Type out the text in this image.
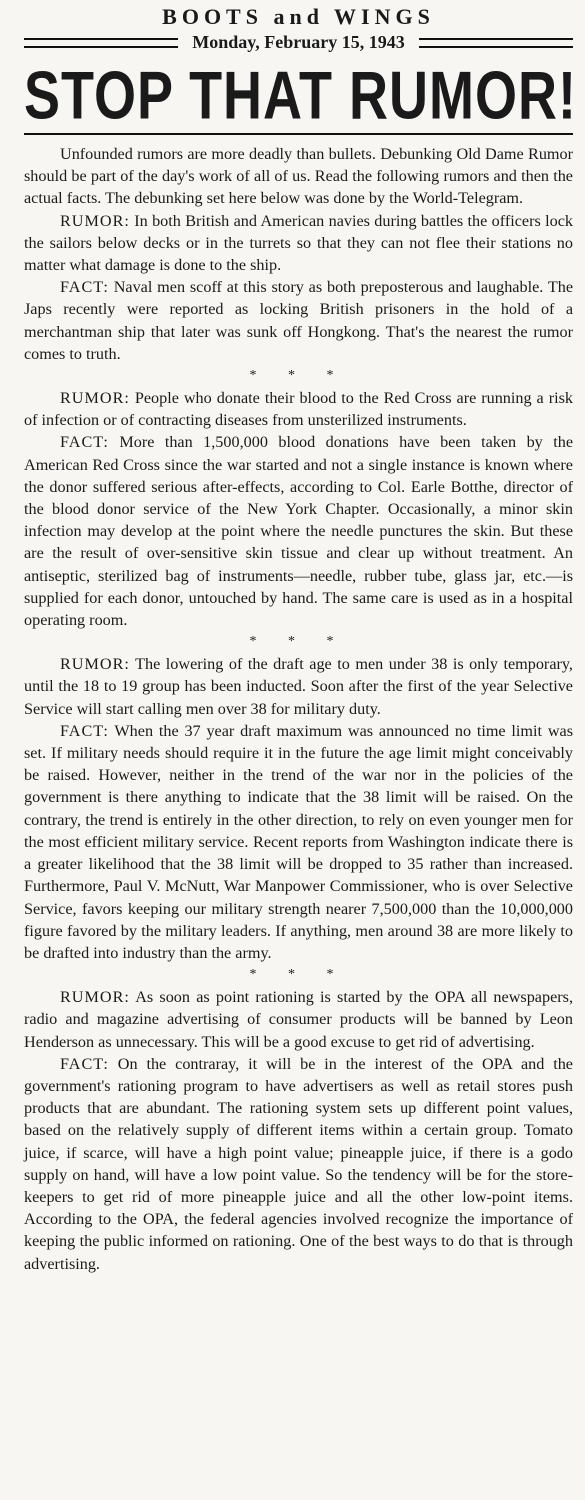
BOOTS and WINGS
Monday, February 15, 1943
STOP THAT RUMOR!

Unfounded rumors are more deadly than bullets. Debunking Old Dame Rumor should be part of the day's work of all of us. Read the following rumors and then the actual facts. The debunking set here below was done by the World-Telegram.

RUMOR: In both British and American navies during battles the officers lock the sailors below decks or in the turrets so that they can not flee their stations no matter what damage is done to the ship.

FACT: Naval men scoff at this story as both preposterous and laughable. The Japs recently were reported as locking British prisoners in the hold of a merchantman ship that later was sunk off Hongkong. That's the nearest the rumor comes to truth.

* * *

RUMOR: People who donate their blood to the Red Cross are running a risk of infection or of contracting diseases from unsterilized instruments.

FACT: More than 1,500,000 blood donations have been taken by the American Red Cross since the war started and not a single instance is known where the donor suffered serious after-effects, according to Col. Earle Botthe, director of the blood donor service of the New York Chapter. Occasionally, a minor skin infection may develop at the point where the needle punctures the skin. But these are the result of over-sensitive skin tissue and clear up without treatment. An antiseptic, sterilized bag of instruments—needle, rubber tube, glass jar, etc.—is supplied for each donor, untouched by hand. The same care is used as in a hospital operating room.

* * *

RUMOR: The lowering of the draft age to men under 38 is only temporary, until the 18 to 19 group has been inducted. Soon after the first of the year Selective Service will start calling men over 38 for military duty.

FACT: When the 37 year draft maximum was announced no time limit was set. If military needs should require it in the future the age limit might conceivably be raised. However, neither in the trend of the war nor in the policies of the government is there anything to indicate that the 38 limit will be raised. On the contrary, the trend is entirely in the other direction, to rely on even younger men for the most efficient military service. Recent reports from Washington indicate there is a greater likelihood that the 38 limit will be dropped to 35 rather than increased. Furthermore, Paul V. McNutt, War Manpower Commissioner, who is over Selective Service, favors keeping our military strength nearer 7,500,000 than the 10,000,000 figure favored by the military leaders. If anything, men around 38 are more likely to be drafted into industry than the army.

* * *

RUMOR: As soon as point rationing is started by the OPA all newspapers, radio and magazine advertising of consumer products will be banned by Leon Henderson as unnecessary. This will be a good excuse to get rid of advertising.

FACT: On the contraray, it will be in the interest of the OPA and the government's rationing program to have advertisers as well as retail stores push products that are abundant. The rationing system sets up different point values, based on the relatively supply of different items within a certain group. Tomato juice, if scarce, will have a high point value; pineapple juice, if there is a godo supply on hand, will have a low point value. So the tendency will be for the store-keepers to get rid of more pineapple juice and all the other low-point items. According to the OPA, the federal agencies involved recognize the importance of keeping the public informed on rationing. One of the best ways to do that is through advertising.
